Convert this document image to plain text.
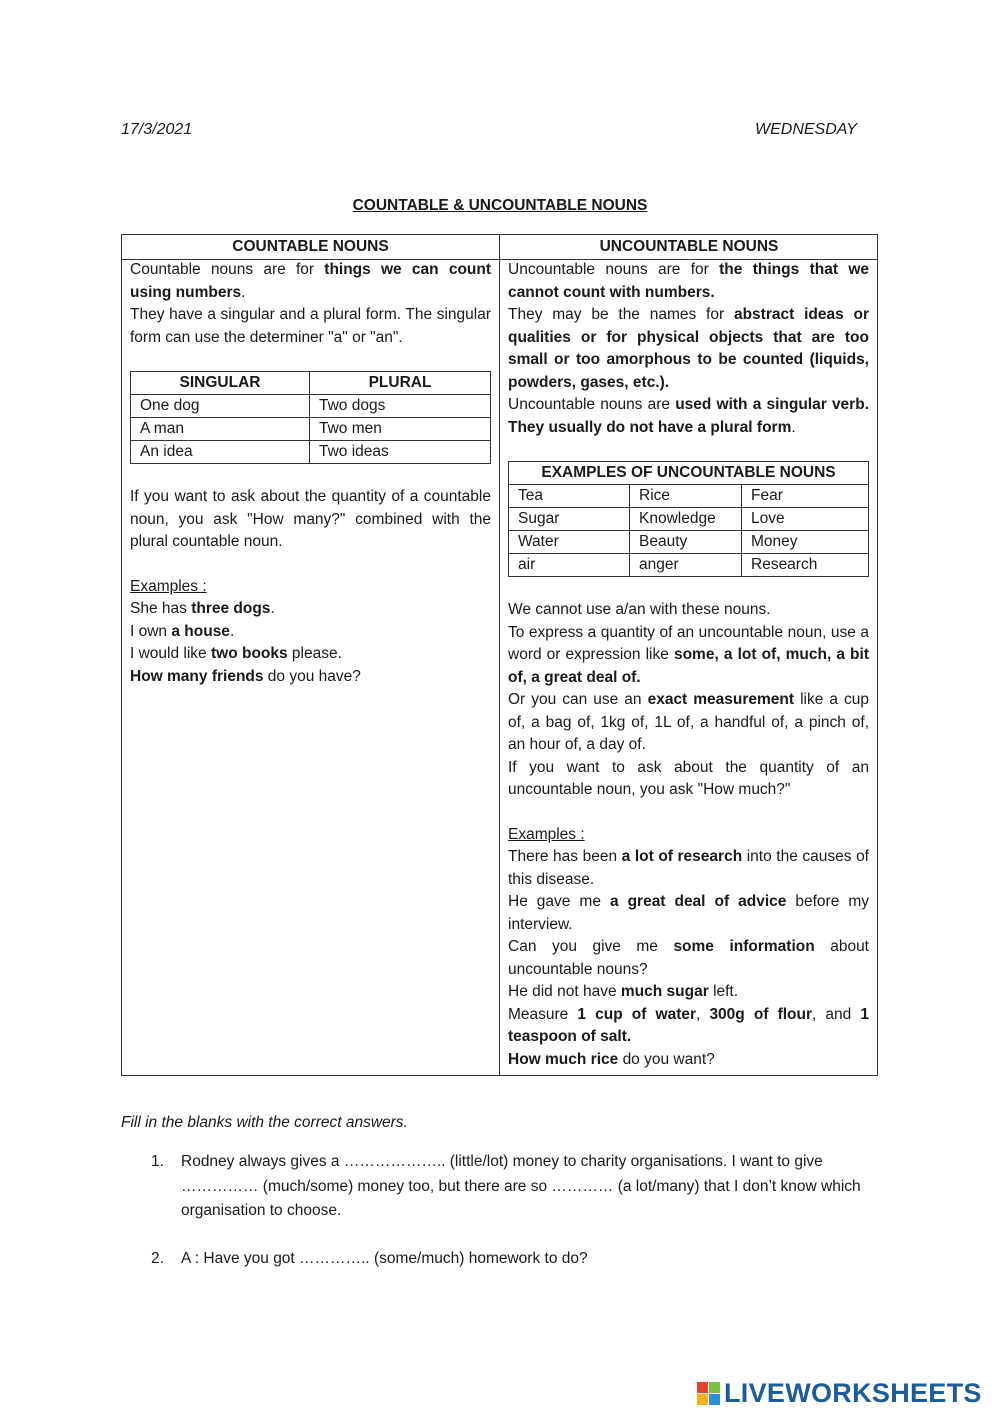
17/3/2021	WEDNESDAY
COUNTABLE & UNCOUNTABLE NOUNS
COUNTABLE NOUNS	UNCOUNTABLE NOUNS
Countable nouns are for things we can count using numbers.
They have a singular and a plural form. The singular form can use the determiner "a" or "an".
SINGULAR	PLURAL
One dog	Two dogs
A man	Two men
An idea	Two ideas
If you want to ask about the quantity of a countable noun, you ask "How many?" combined with the plural countable noun.
Examples :
She has three dogs.
I own a house.
I would like two books please.
How many friends do you have?
Uncountable nouns are for the things that we cannot count with numbers.
They may be the names for abstract ideas or qualities or for physical objects that are too small or too amorphous to be counted (liquids, powders, gases, etc.).
Uncountable nouns are used with a singular verb. They usually do not have a plural form.
EXAMPLES OF UNCOUNTABLE NOUNS		
Tea	Rice	Fear
Sugar	Knowledge	Love
Water	Beauty	Money
air	anger	Research
We cannot use a/an with these nouns.
To express a quantity of an uncountable noun, use a word or expression like some, a lot of, much, a bit of, a great deal of.
Or you can use an exact measurement like a cup of, a bag of, 1kg of, 1L of, a handful of, a pinch of, an hour of, a day of.
If you want to ask about the quantity of an uncountable noun, you ask "How much?"
Examples :
There has been a lot of research into the causes of this disease.
He gave me a great deal of advice before my interview.
Can you give me some information about uncountable nouns?
He did not have much sugar left.
Measure 1 cup of water, 300g of flour, and 1 teaspoon of salt.
How much rice do you want?
Fill in the blanks with the correct answers.
1. Rodney always gives a ……………….. (little/lot) money to charity organisations. I want to give …………… (much/some) money too, but there are so ………… (a lot/many) that I don’t know which organisation to choose.
2. A : Have you got ………….. (some/much) homework to do?
LIVEWORKSHEETS
